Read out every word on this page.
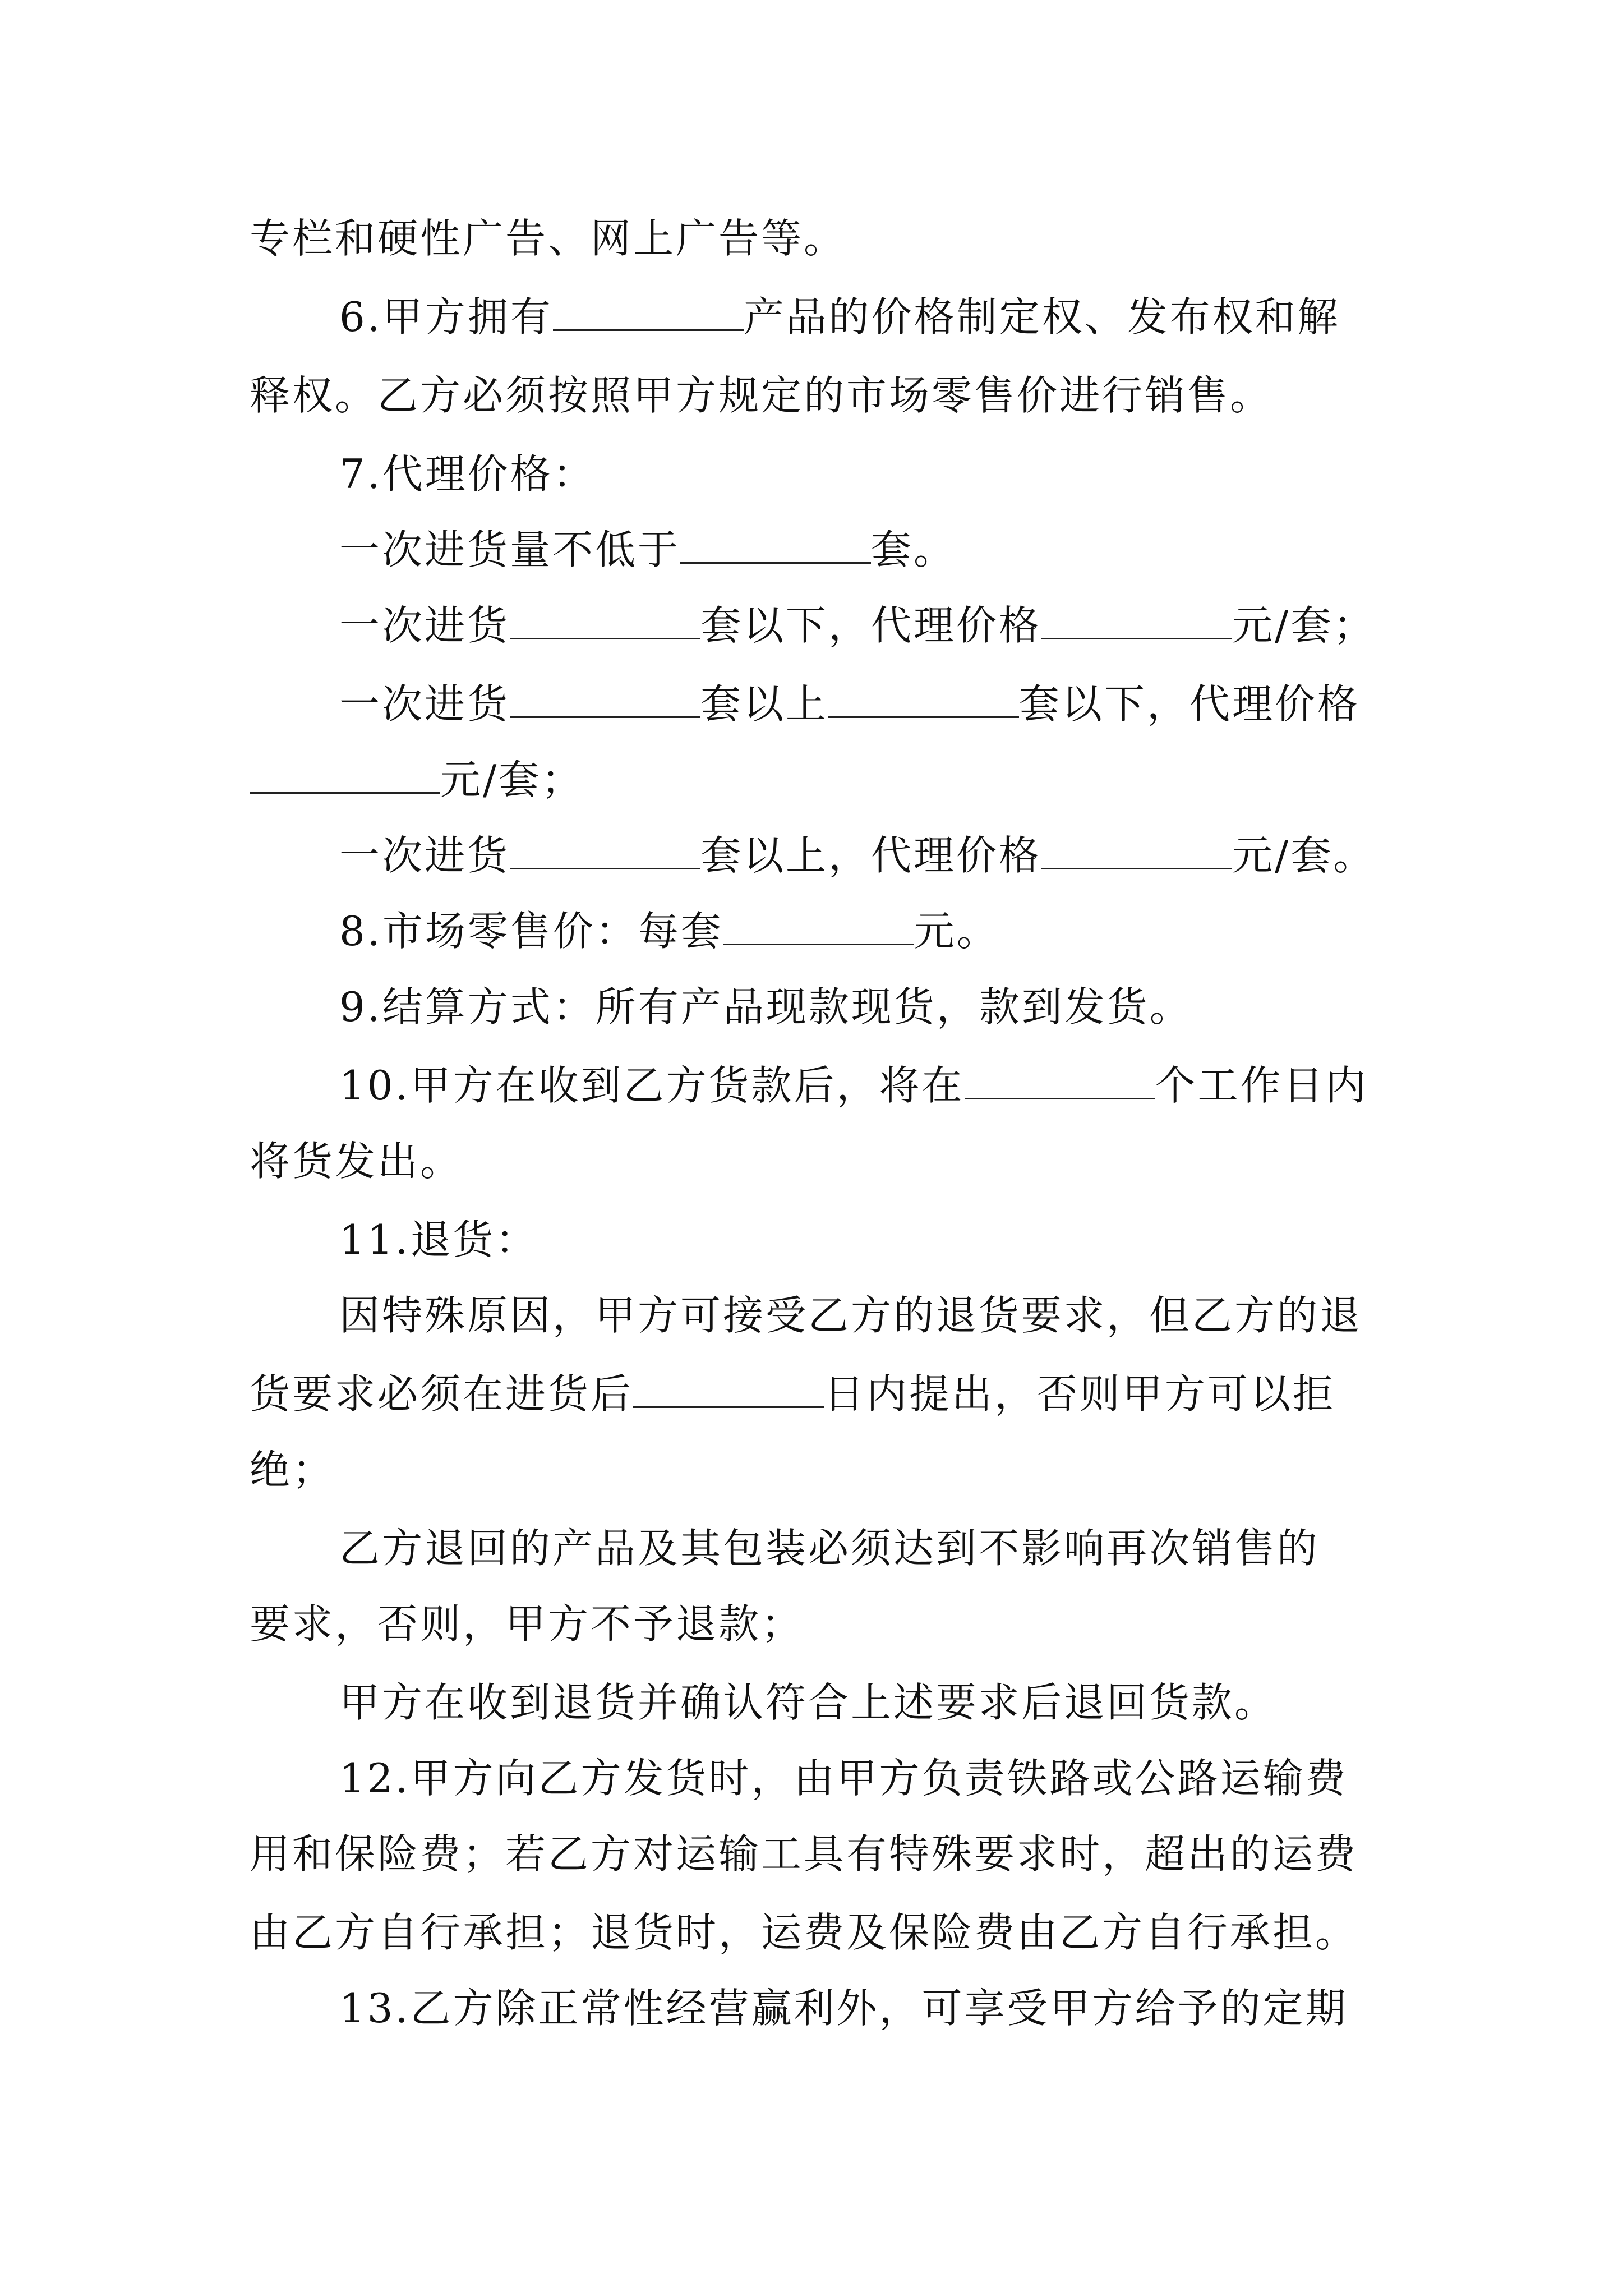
专栏和硬性广告、网上广告等。
6.甲方拥有	产品的价格制定权、发布权和解
释权。乙方必须按照甲方规定的市场零售价进行销售。
7.代理价格：
一次进货量不低于	套。
一次进货	套以下，代理价格	元/套；
一次进货	套以上	套以下，代理价格
元/套；
一次进货	套以上，代理价格	元/套。
8.市场零售价：每套	元。
9.结算方式：所有产品现款现货，款到发货。
10.甲方在收到乙方货款后，将在	个工作日内
将货发出。
11.退货：
因特殊原因，甲方可接受乙方的退货要求，但乙方的退
货要求必须在进货后	日内提出，否则甲方可以拒
绝；
乙方退回的产品及其包装必须达到不影响再次销售的
要求，否则，甲方不予退款；
甲方在收到退货并确认符合上述要求后退回货款。
12.甲方向乙方发货时，由甲方负责铁路或公路运输费
用和保险费；若乙方对运输工具有特殊要求时，超出的运费
由乙方自行承担；退货时，运费及保险费由乙方自行承担。
13.乙方除正常性经营赢利外，可享受甲方给予的定期
